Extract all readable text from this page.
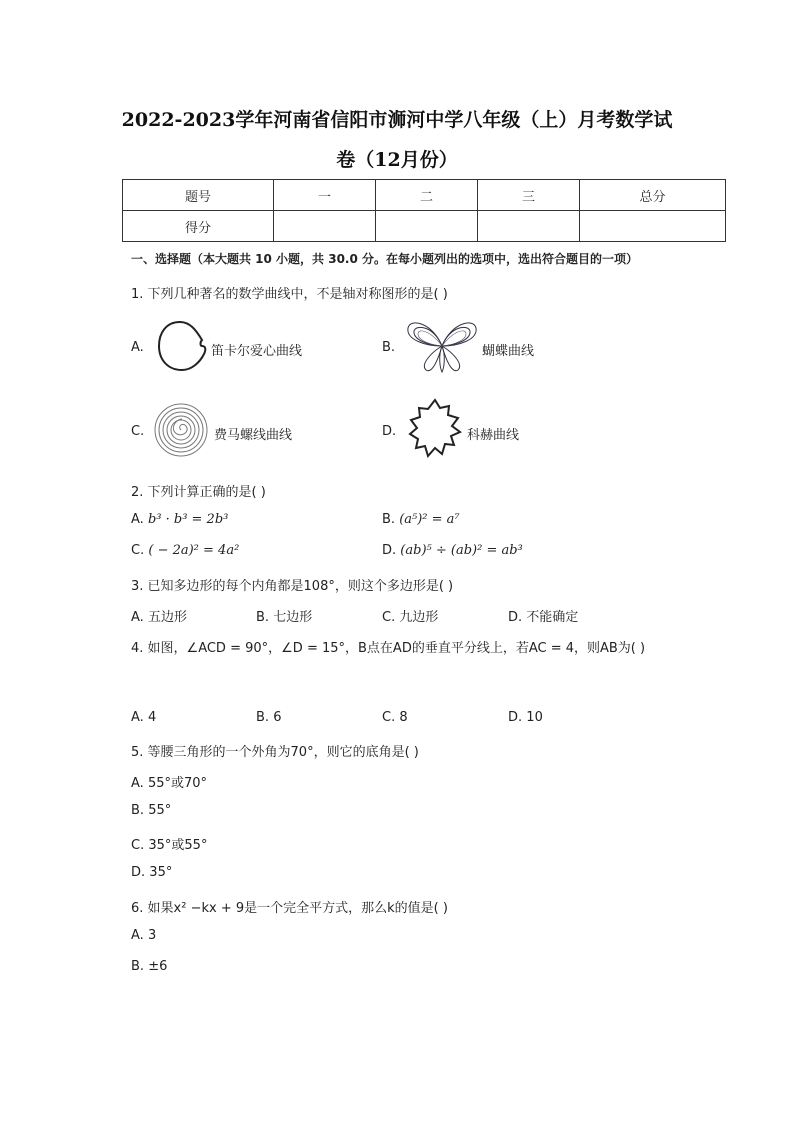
2022-2023学年河南省信阳市浉河中学八年级（上）月考数学试
卷（12月份）
题号	一	二	三	总分
得分				
一、选择题（本大题共 10 小题，共 30.0 分。在每小题列出的选项中，选出符合题目的一项）
1. 下列几种著名的数学曲线中，不是轴对称图形的是( )
A.	笛卡尔爱心曲线	B.	蝴蝶曲线
C.	费马螺线曲线	D.	科赫曲线
2. 下列计算正确的是( )
A. b³ · b³ = 2b³	B. (a⁵)² = a⁷
C. ( − 2a)² = 4a²	D. (ab)⁵ ÷ (ab)² = ab³
3. 已知多边形的每个内角都是108°，则这个多边形是( )
A. 五边形	B. 七边形	C. 九边形	D. 不能确定
4. 如图，∠ACD = 90°，∠D = 15°，B点在AD的垂直平分线上，若AC = 4，则AB为( )
A. 4	B. 6	C. 8	D. 10
5. 等腰三角形的一个外角为70°，则它的底角是( )
A. 55°或70°
B. 55°
C. 35°或55°
D. 35°
6. 如果x² −kx + 9是一个完全平方式，那么k的值是( )
A. 3
B. ±6
